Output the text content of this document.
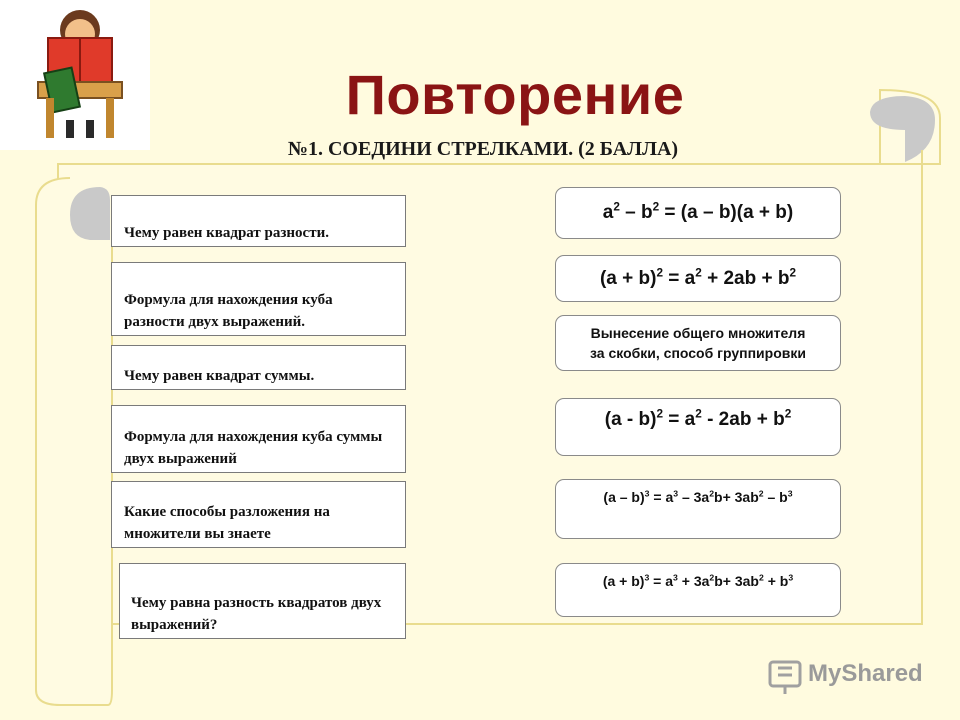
Повторение
№1. СОЕДИНИ СТРЕЛКАМИ. (2 БАЛЛА)
Чему равен квадрат разности.
Формула для нахождения куба разности двух выражений.
Чему равен квадрат суммы.
Формула для нахождения куба суммы двух выражений
Какие способы разложения на множители вы знаете
Чему равна разность квадратов двух выражений?
$a^2 - b^2 = (a - b)(a + b)$
$(a + b)^2 = a^2 + 2ab + b^2$
Вынесение общего множителя
за скобки, способ группировки
$(a - b)^2 = a^2 - 2ab + b^2$
$(a - b)^3 = a^3 - 3a^2b+ 3ab^2 - b^3$
$(a + b)^3 = a^3 + 3a^2b+ 3ab^2 + b^3$
MyShared
